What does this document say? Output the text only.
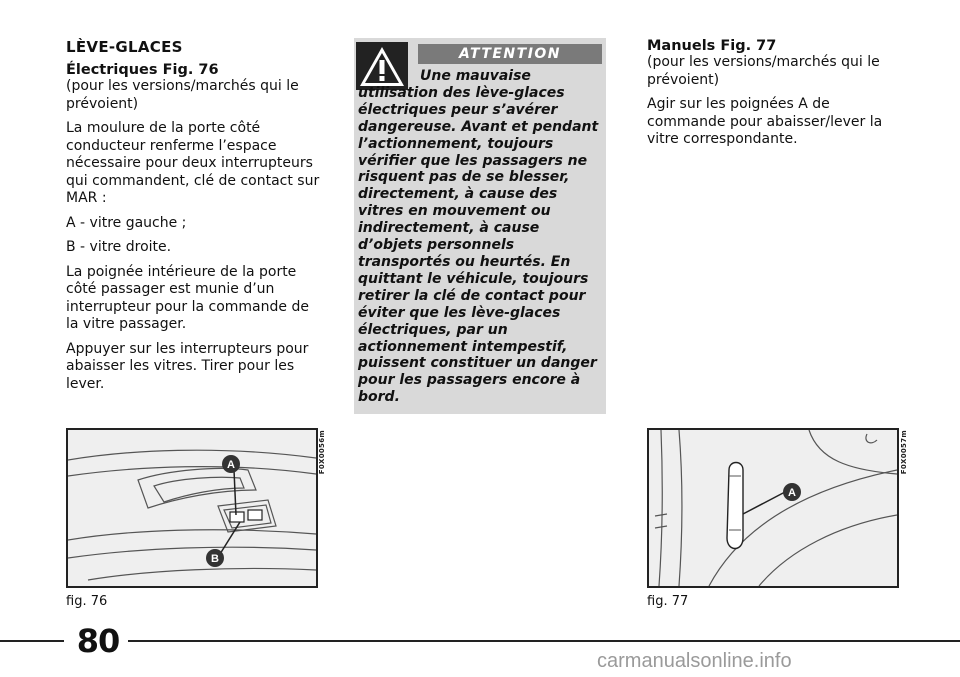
LÈVE-GLACES
Électriques Fig. 76

(pour les versions/marchés qui le prévoient)

La moulure de la porte côté conducteur renferme l’espace nécessaire pour deux interrupteurs qui commandent, clé de contact sur MAR :

A - vitre gauche ;

B - vitre droite.

La poignée intérieure de la porte côté passager est munie d’un interrupteur pour la commande de la vitre passager.

Appuyer sur les interrupteurs pour abaisser les vitres. Tirer pour les lever.

ATTENTION
Une mauvaise utilisation des lève-glaces électriques peur s’avérer dangereuse. Avant et pendant l’actionnement, toujours vérifier que les passagers ne risquent pas de se blesser, directement, à cause des vitres en mouvement ou indirectement, à cause d’objets personnels transportés ou heurtés. En quittant le véhicule, toujours retirer la clé de contact pour éviter que les lève-glaces électriques, par un actionnement intempestif, puissent constituer un danger pour les passagers encore à bord.
Manuels Fig. 77

(pour les versions/marchés qui le prévoient)

Agir sur les poignées A de commande pour abaisser/lever la vitre correspondante.

A
B
F0X0056m
fig. 76
A
F0X0057m
fig. 77
80
carmanualsonline.info
